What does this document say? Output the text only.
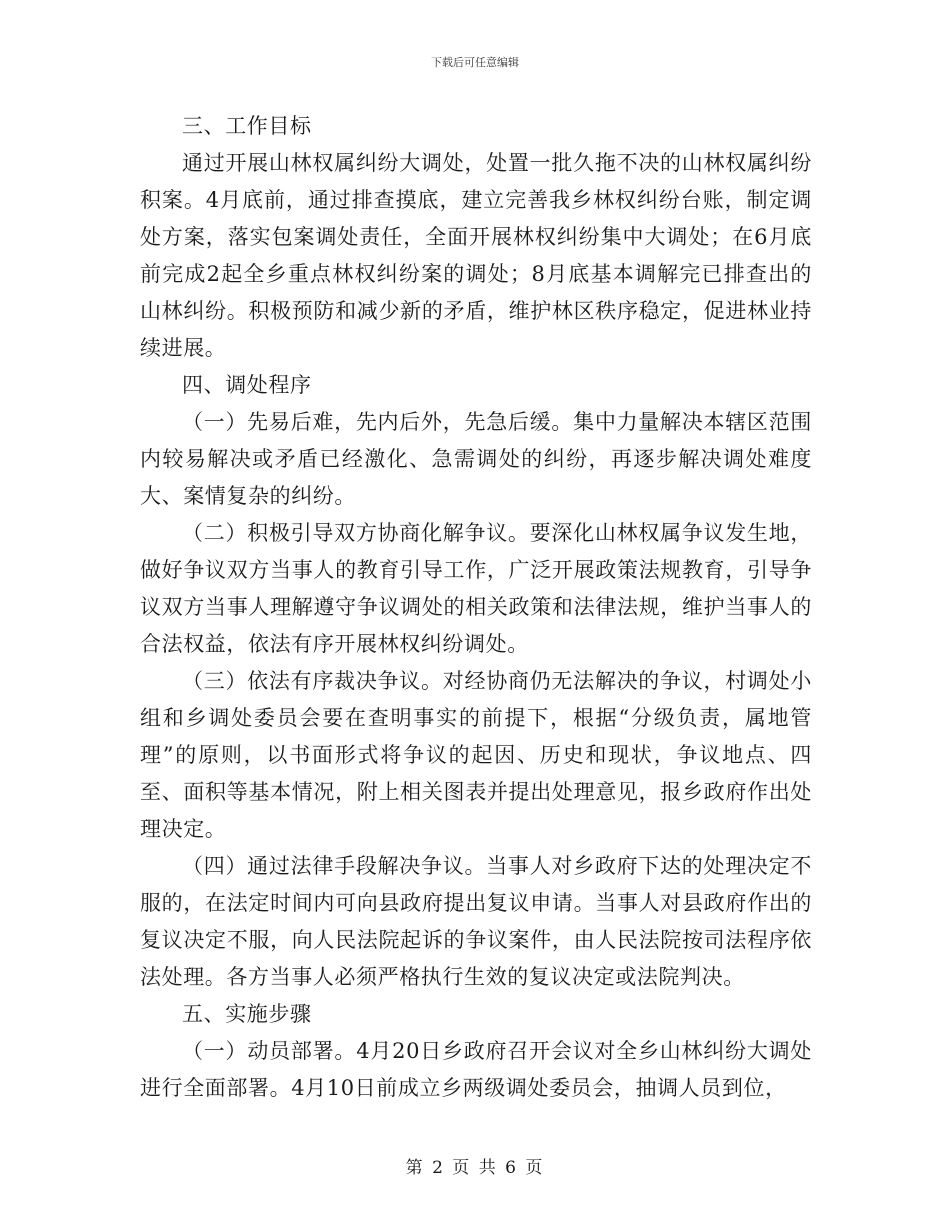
下载后可任意编辑

三、工作目标

通过开展山林权属纠纷大调处，处置一批久拖不决的山林权属纠纷积案。4月底前，通过排查摸底，建立完善我乡林权纠纷台账，制定调处方案，落实包案调处责任，全面开展林权纠纷集中大调处；在6月底前完成2起全乡重点林权纠纷案的调处；8月底基本调解完已排查出的山林纠纷。积极预防和减少新的矛盾，维护林区秩序稳定，促进林业持续进展。

四、调处程序

（一）先易后难，先内后外，先急后缓。集中力量解决本辖区范围内较易解决或矛盾已经激化、急需调处的纠纷，再逐步解决调处难度大、案情复杂的纠纷。

（二）积极引导双方协商化解争议。要深化山林权属争议发生地，做好争议双方当事人的教育引导工作，广泛开展政策法规教育，引导争议双方当事人理解遵守争议调处的相关政策和法律法规，维护当事人的合法权益，依法有序开展林权纠纷调处。

（三）依法有序裁决争议。对经协商仍无法解决的争议，村调处小组和乡调处委员会要在查明事实的前提下，根据“分级负责，属地管理”的原则，以书面形式将争议的起因、历史和现状，争议地点、四至、面积等基本情况，附上相关图表并提出处理意见，报乡政府作出处理决定。

（四）通过法律手段解决争议。当事人对乡政府下达的处理决定不服的，在法定时间内可向县政府提出复议申请。当事人对县政府作出的复议决定不服，向人民法院起诉的争议案件，由人民法院按司法程序依法处理。各方当事人必须严格执行生效的复议决定或法院判决。

五、实施步骤

（一）动员部署。4月20日乡政府召开会议对全乡山林纠纷大调处进行全面部署。4月10日前成立乡两级调处委员会，抽调人员到位，

第 2 页 共 6 页
